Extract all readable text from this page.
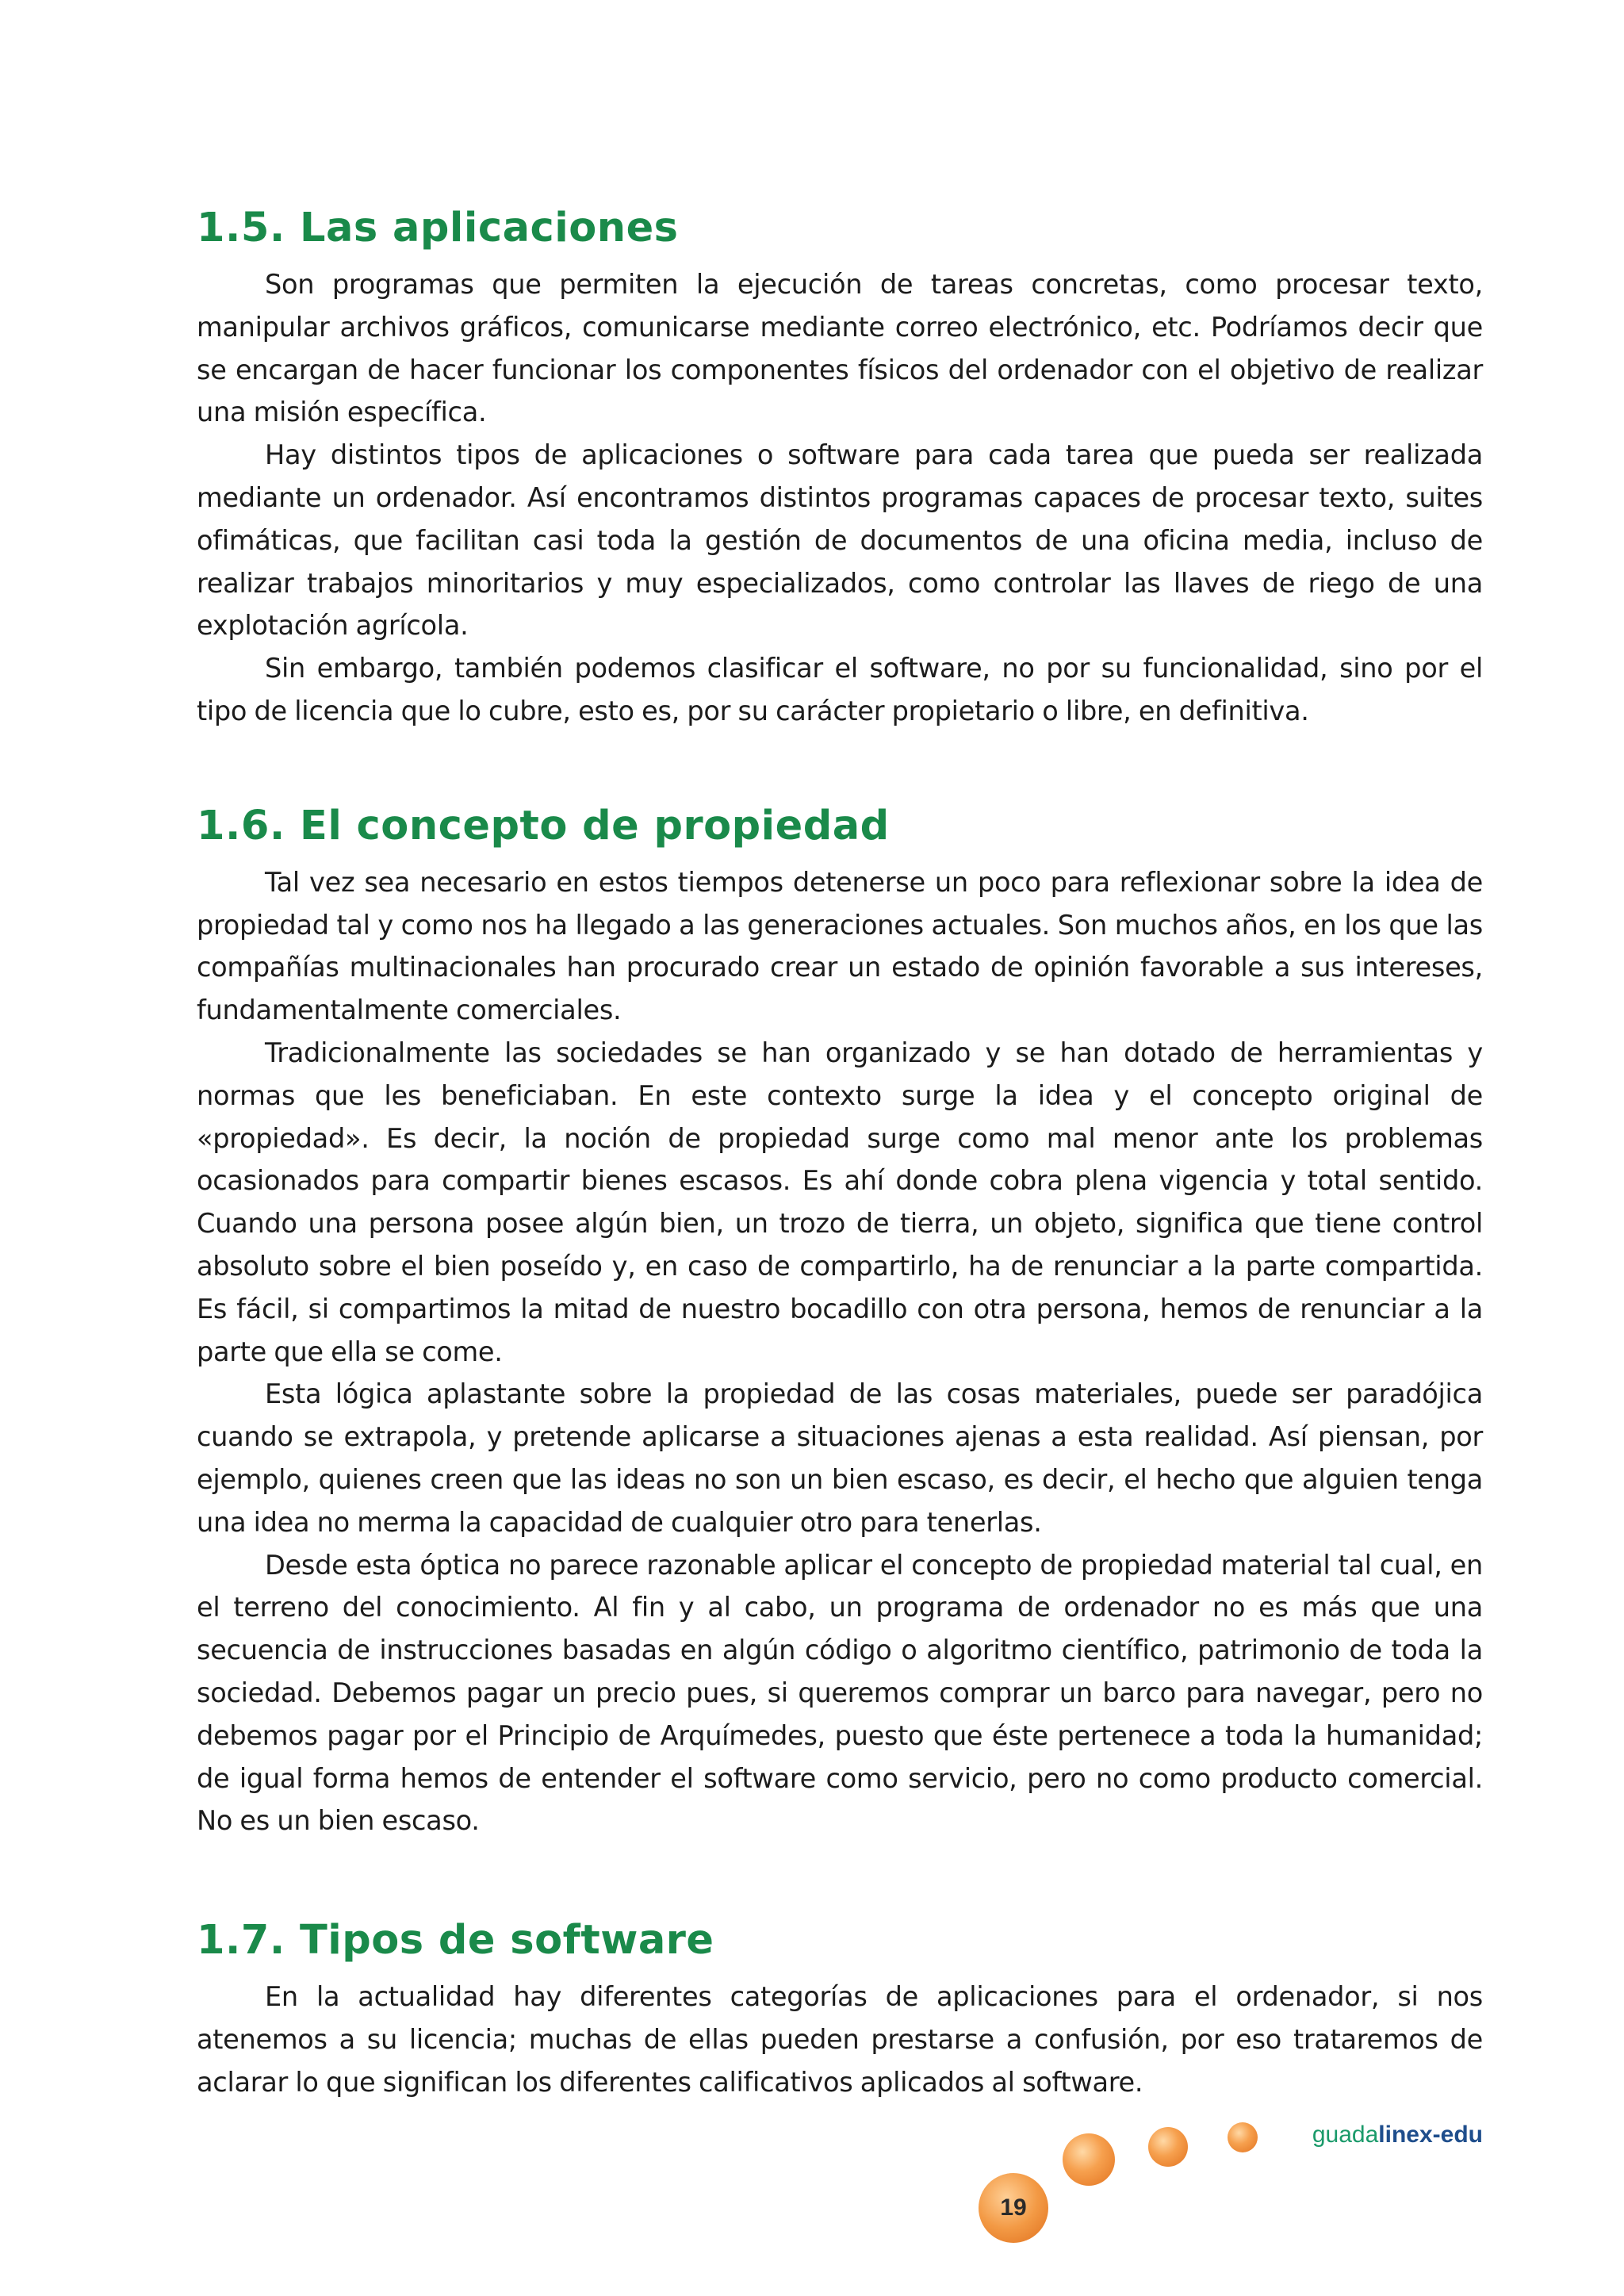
1.5. Las aplicaciones

Son programas que permiten la ejecución de tareas concretas, como procesar texto, manipular archivos gráficos, comunicarse mediante correo electrónico, etc. Podríamos decir que se encargan de hacer funcionar los componentes físicos del ordenador con el objetivo de realizar una misión específica.

Hay distintos tipos de aplicaciones o software para cada tarea que pueda ser realizada mediante un ordenador. Así encontramos distintos programas capaces de procesar texto, suites ofimáticas, que facilitan casi toda la gestión de documentos de una oficina media, incluso de realizar trabajos minoritarios y muy especializados, como controlar las llaves de riego de una explotación agrícola.

Sin embargo, también podemos clasificar el software, no por su funcionalidad, sino por el tipo de licencia que lo cubre, esto es, por su carácter propietario o libre, en definitiva.

1.6. El concepto de propiedad

Tal vez sea necesario en estos tiempos detenerse un poco para reflexionar sobre la idea de propiedad tal y como nos ha llegado a las generaciones actuales. Son muchos años, en los que las compañías multinacionales han procurado crear un estado de opinión favorable a sus intereses, fundamentalmente comerciales.

Tradicionalmente las sociedades se han organizado y se han dotado de herramientas y normas que les beneficiaban. En este contexto surge la idea y el concepto original de «propiedad». Es decir, la noción de propiedad surge como mal menor ante los problemas ocasionados para compartir bienes escasos. Es ahí donde cobra plena vigencia y total sentido. Cuando una persona posee algún bien, un trozo de tierra, un objeto, significa que tiene control absoluto sobre el bien poseído y, en caso de compartirlo, ha de renunciar a la parte compartida. Es fácil, si compartimos la mitad de nuestro bocadillo con otra persona, hemos de renunciar a la parte que ella se come.

Esta lógica aplastante sobre la propiedad de las cosas materiales, puede ser paradójica cuando se extrapola, y pretende aplicarse a situaciones ajenas a esta realidad. Así piensan, por ejemplo, quienes creen que las ideas no son un bien escaso, es decir, el hecho que alguien tenga una idea no merma la capacidad de cualquier otro para tenerlas.

Desde esta óptica no parece razonable aplicar el concepto de propiedad material tal cual, en el terreno del conocimiento. Al fin y al cabo, un programa de ordenador no es más que una secuencia de instrucciones basadas en algún código o algoritmo científico, patrimonio de toda la sociedad. Debemos pagar un precio pues, si queremos comprar un barco para navegar, pero no debemos pagar por el Principio de Arquímedes, puesto que éste pertenece a toda la humanidad; de igual forma hemos de entender el software como servicio, pero no como producto comercial. No es un bien escaso.

1.7. Tipos de software

En la actualidad hay diferentes categorías de aplicaciones para el ordenador, si nos atenemos a su licencia; muchas de ellas pueden prestarse a confusión, por eso trataremos de aclarar lo que significan los diferentes calificativos aplicados al software.

guadalinex-edu
19
